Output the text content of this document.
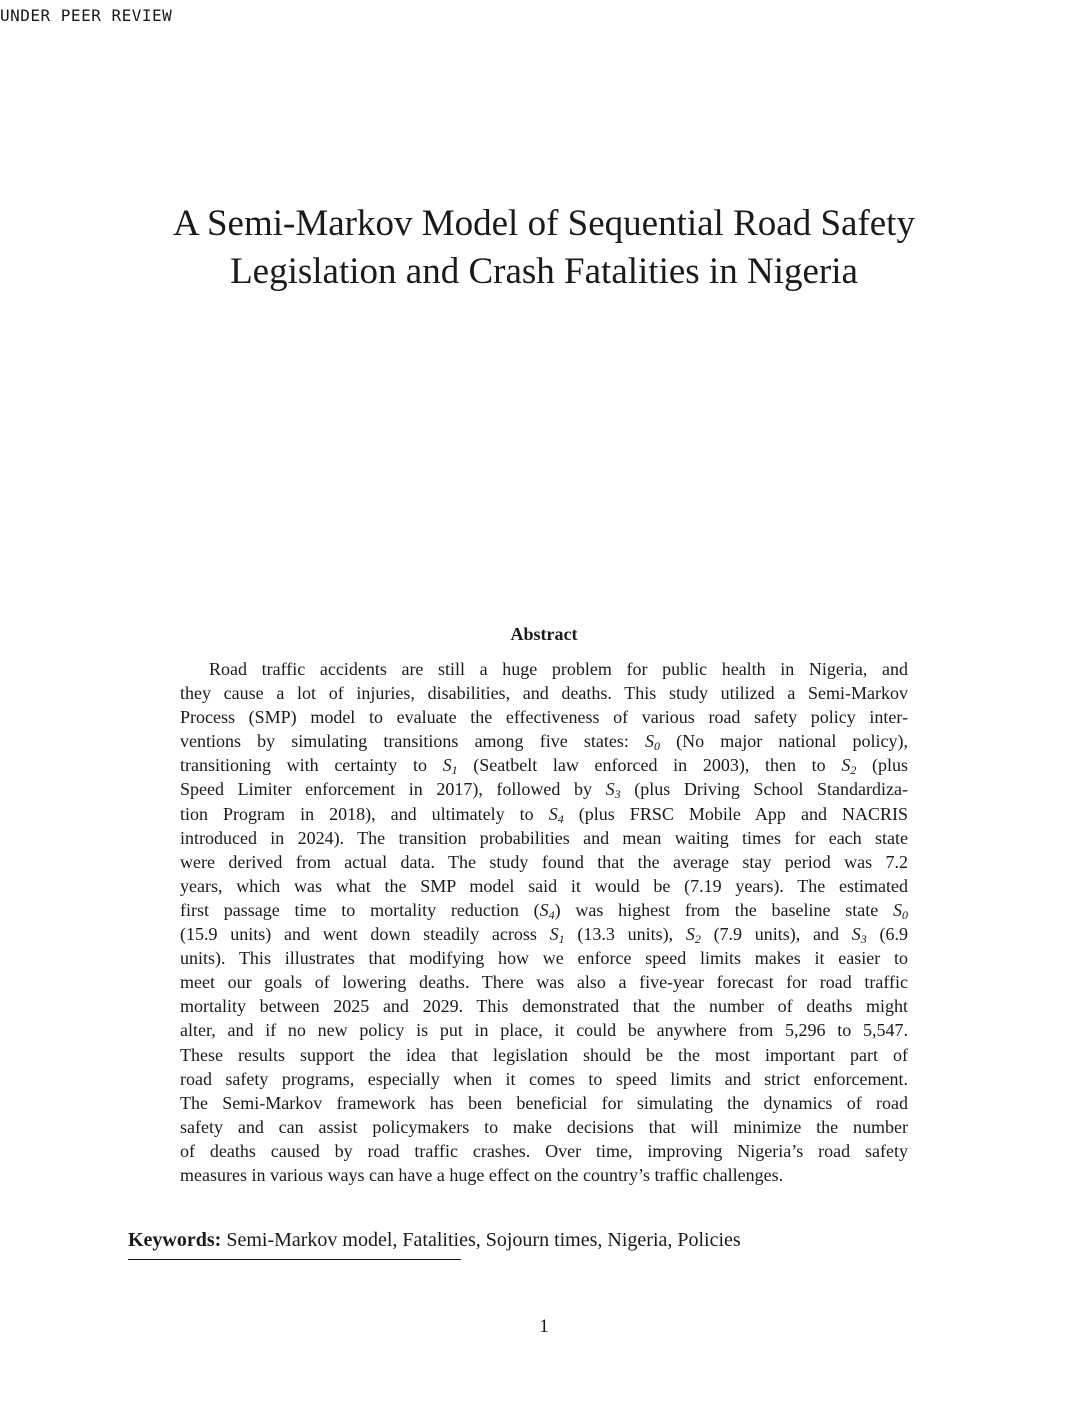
UNDER PEER REVIEW
A Semi-Markov Model of Sequential Road Safety
Legislation and Crash Fatalities in Nigeria
Abstract
Road traffic accidents are still a huge problem for public health in Nigeria, and
they cause a lot of injuries, disabilities, and deaths. This study utilized a Semi-Markov
Process (SMP) model to evaluate the effectiveness of various road safety policy inter-
ventions by simulating transitions among five states: $S_0$ (No major national policy),
transitioning with certainty to $S_1$ (Seatbelt law enforced in 2003), then to $S_2$ (plus
Speed Limiter enforcement in 2017), followed by $S_3$ (plus Driving School Standardiza-
tion Program in 2018), and ultimately to $S_4$ (plus FRSC Mobile App and NACRIS
introduced in 2024). The transition probabilities and mean waiting times for each state
were derived from actual data. The study found that the average stay period was 7.2
years, which was what the SMP model said it would be (7.19 years). The estimated
first passage time to mortality reduction $(S_4)$ was highest from the baseline state $S_0$
(15.9 units) and went down steadily across $S_1$ (13.3 units), $S_2$ (7.9 units), and $S_3$ (6.9
units). This illustrates that modifying how we enforce speed limits makes it easier to
meet our goals of lowering deaths. There was also a five-year forecast for road traffic
mortality between 2025 and 2029. This demonstrated that the number of deaths might
alter, and if no new policy is put in place, it could be anywhere from 5,296 to 5,547.
These results support the idea that legislation should be the most important part of
road safety programs, especially when it comes to speed limits and strict enforcement.
The Semi-Markov framework has been beneficial for simulating the dynamics of road
safety and can assist policymakers to make decisions that will minimize the number
of deaths caused by road traffic crashes. Over time, improving Nigeria’s road safety
measures in various ways can have a huge effect on the country’s traffic challenges.
Keywords: Semi-Markov model, Fatalities, Sojourn times, Nigeria, Policies
1
